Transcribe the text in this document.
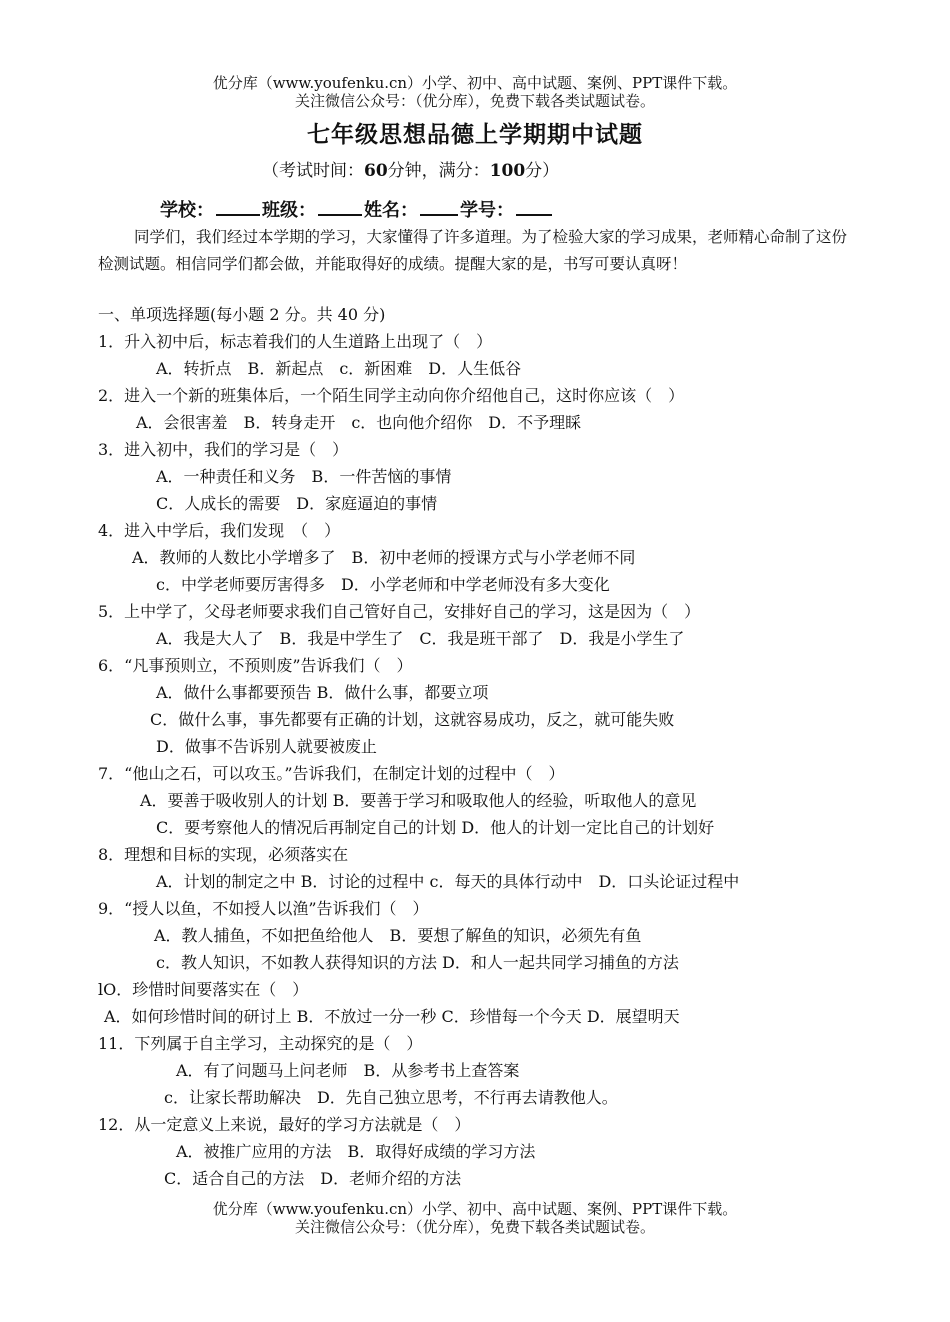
优分库（www.youfenku.cn）小学、初中、高中试题、案例、PPT课件下载。
关注微信公众号：（优分库），免费下载各类试题试卷。
七年级思想品德上学期期中试题
（考试时间：60分钟，满分：100分）
学校：	班级：	姓名： 学号：
同学们，我们经过本学期的学习，大家懂得了许多道理。为了检验大家的学习成果，老师精心命制了这份检测试题。相信同学们都会做，并能取得好的成绩。提醒大家的是，书写可要认真呀！
一、单项选择题(每小题 2 分。共 40 分)
1．升入初中后，标志着我们的人生道路上出现了（　）
A．转折点　B．新起点　c．新困难　D．人生低谷
2．进入一个新的班集体后，一个陌生同学主动向你介绍他自己，这时你应该（　）
A．会很害羞　B．转身走开　c．也向他介绍你　D．不予理睬
3．进入初中，我们的学习是（　）
A．一种责任和义务　B．一件苦恼的事情
C．人成长的需要　D．家庭逼迫的事情
4．进入中学后，我们发现　（　）
A．教师的人数比小学增多了　B．初中老师的授课方式与小学老师不同
c．中学老师要厉害得多　D．小学老师和中学老师没有多大变化
5．上中学了，父母老师要求我们自己管好自己，安排好自己的学习，这是因为（　）
A．我是大人了　B．我是中学生了　C．我是班干部了　D．我是小学生了
6．“凡事预则立，不预则废”告诉我们（　）
A．做什么事都要预告 B．做什么事，都要立项
C．做什么事，事先都要有正确的计划，这就容易成功，反之，就可能失败
D．做事不告诉别人就要被废止
7．“他山之石，可以攻玉。”告诉我们，在制定计划的过程中（　）
A．要善于吸收别人的计划 B．要善于学习和吸取他人的经验，听取他人的意见
C．要考察他人的情况后再制定自己的计划 D．他人的计划一定比自己的计划好
8．理想和目标的实现，必须落实在
A．计划的制定之中 B．讨论的过程中 c．每天的具体行动中　D．口头论证过程中
9．“授人以鱼，不如授人以渔”告诉我们（　）
A．教人捕鱼，不如把鱼给他人　B．要想了解鱼的知识，必须先有鱼
c．教人知识，不如教人获得知识的方法 D．和人一起共同学习捕鱼的方法
lO．珍惜时间要落实在（　）
A．如何珍惜时间的研讨上 B．不放过一分一秒 C．珍惜每一个今天 D．展望明天
11．下列属于自主学习，主动探究的是（　）
A．有了问题马上问老师　B．从参考书上查答案
c．让家长帮助解决　D．先自己独立思考，不行再去请教他人。
12．从一定意义上来说，最好的学习方法就是（　）
A．被推广应用的方法　B．取得好成绩的学习方法
C．适合自己的方法　D．老师介绍的方法
优分库（www.youfenku.cn）小学、初中、高中试题、案例、PPT课件下载。
关注微信公众号：（优分库），免费下载各类试题试卷。
